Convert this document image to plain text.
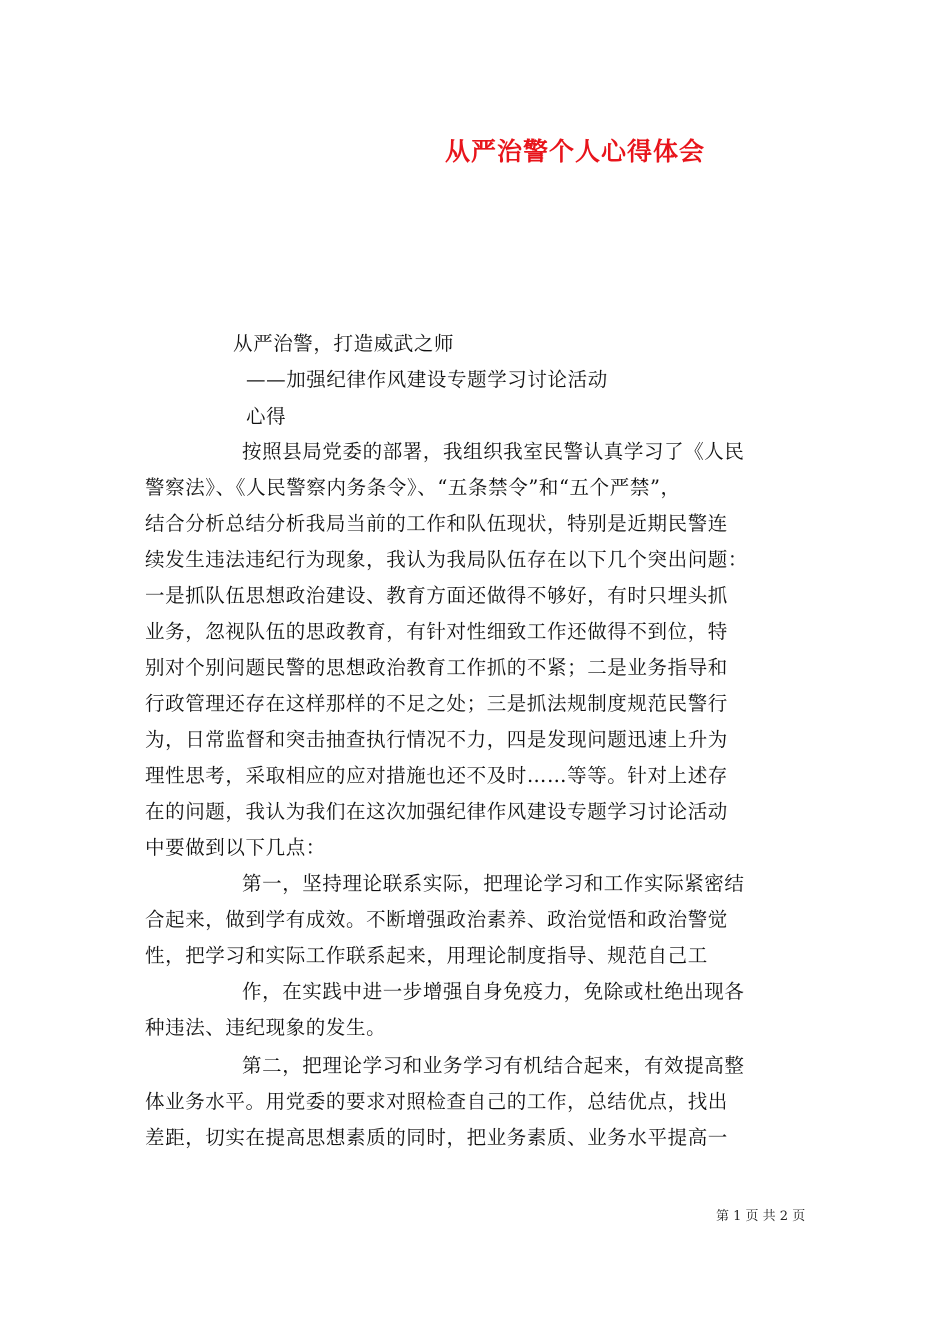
从严治警个人心得体会
从严治警，打造威武之师
——加强纪律作风建设专题学习讨论活动
心得
按照县局党委的部署，我组织我室民警认真学习了《人民
警察法》、《人民警察内务条令》、“五条禁令”和“五个严禁”，
结合分析总结分析我局当前的工作和队伍现状，特别是近期民警连
续发生违法违纪行为现象，我认为我局队伍存在以下几个突出问题：
一是抓队伍思想政治建设、教育方面还做得不够好，有时只埋头抓
业务，忽视队伍的思政教育，有针对性细致工作还做得不到位，特
别对个别问题民警的思想政治教育工作抓的不紧；二是业务指导和
行政管理还存在这样那样的不足之处；三是抓法规制度规范民警行
为，日常监督和突击抽查执行情况不力，四是发现问题迅速上升为
理性思考，采取相应的应对措施也还不及时……等等。针对上述存
在的问题，我认为我们在这次加强纪律作风建设专题学习讨论活动
中要做到以下几点：
第一，坚持理论联系实际，把理论学习和工作实际紧密结
合起来，做到学有成效。不断增强政治素养、政治觉悟和政治警觉
性，把学习和实际工作联系起来，用理论制度指导、规范自己工
作，在实践中进一步增强自身免疫力，免除或杜绝出现各
种违法、违纪现象的发生。
第二，把理论学习和业务学习有机结合起来，有效提高整
体业务水平。用党委的要求对照检查自己的工作，总结优点，找出
差距，切实在提高思想素质的同时，把业务素质、业务水平提高一
第 1 页 共 2 页
